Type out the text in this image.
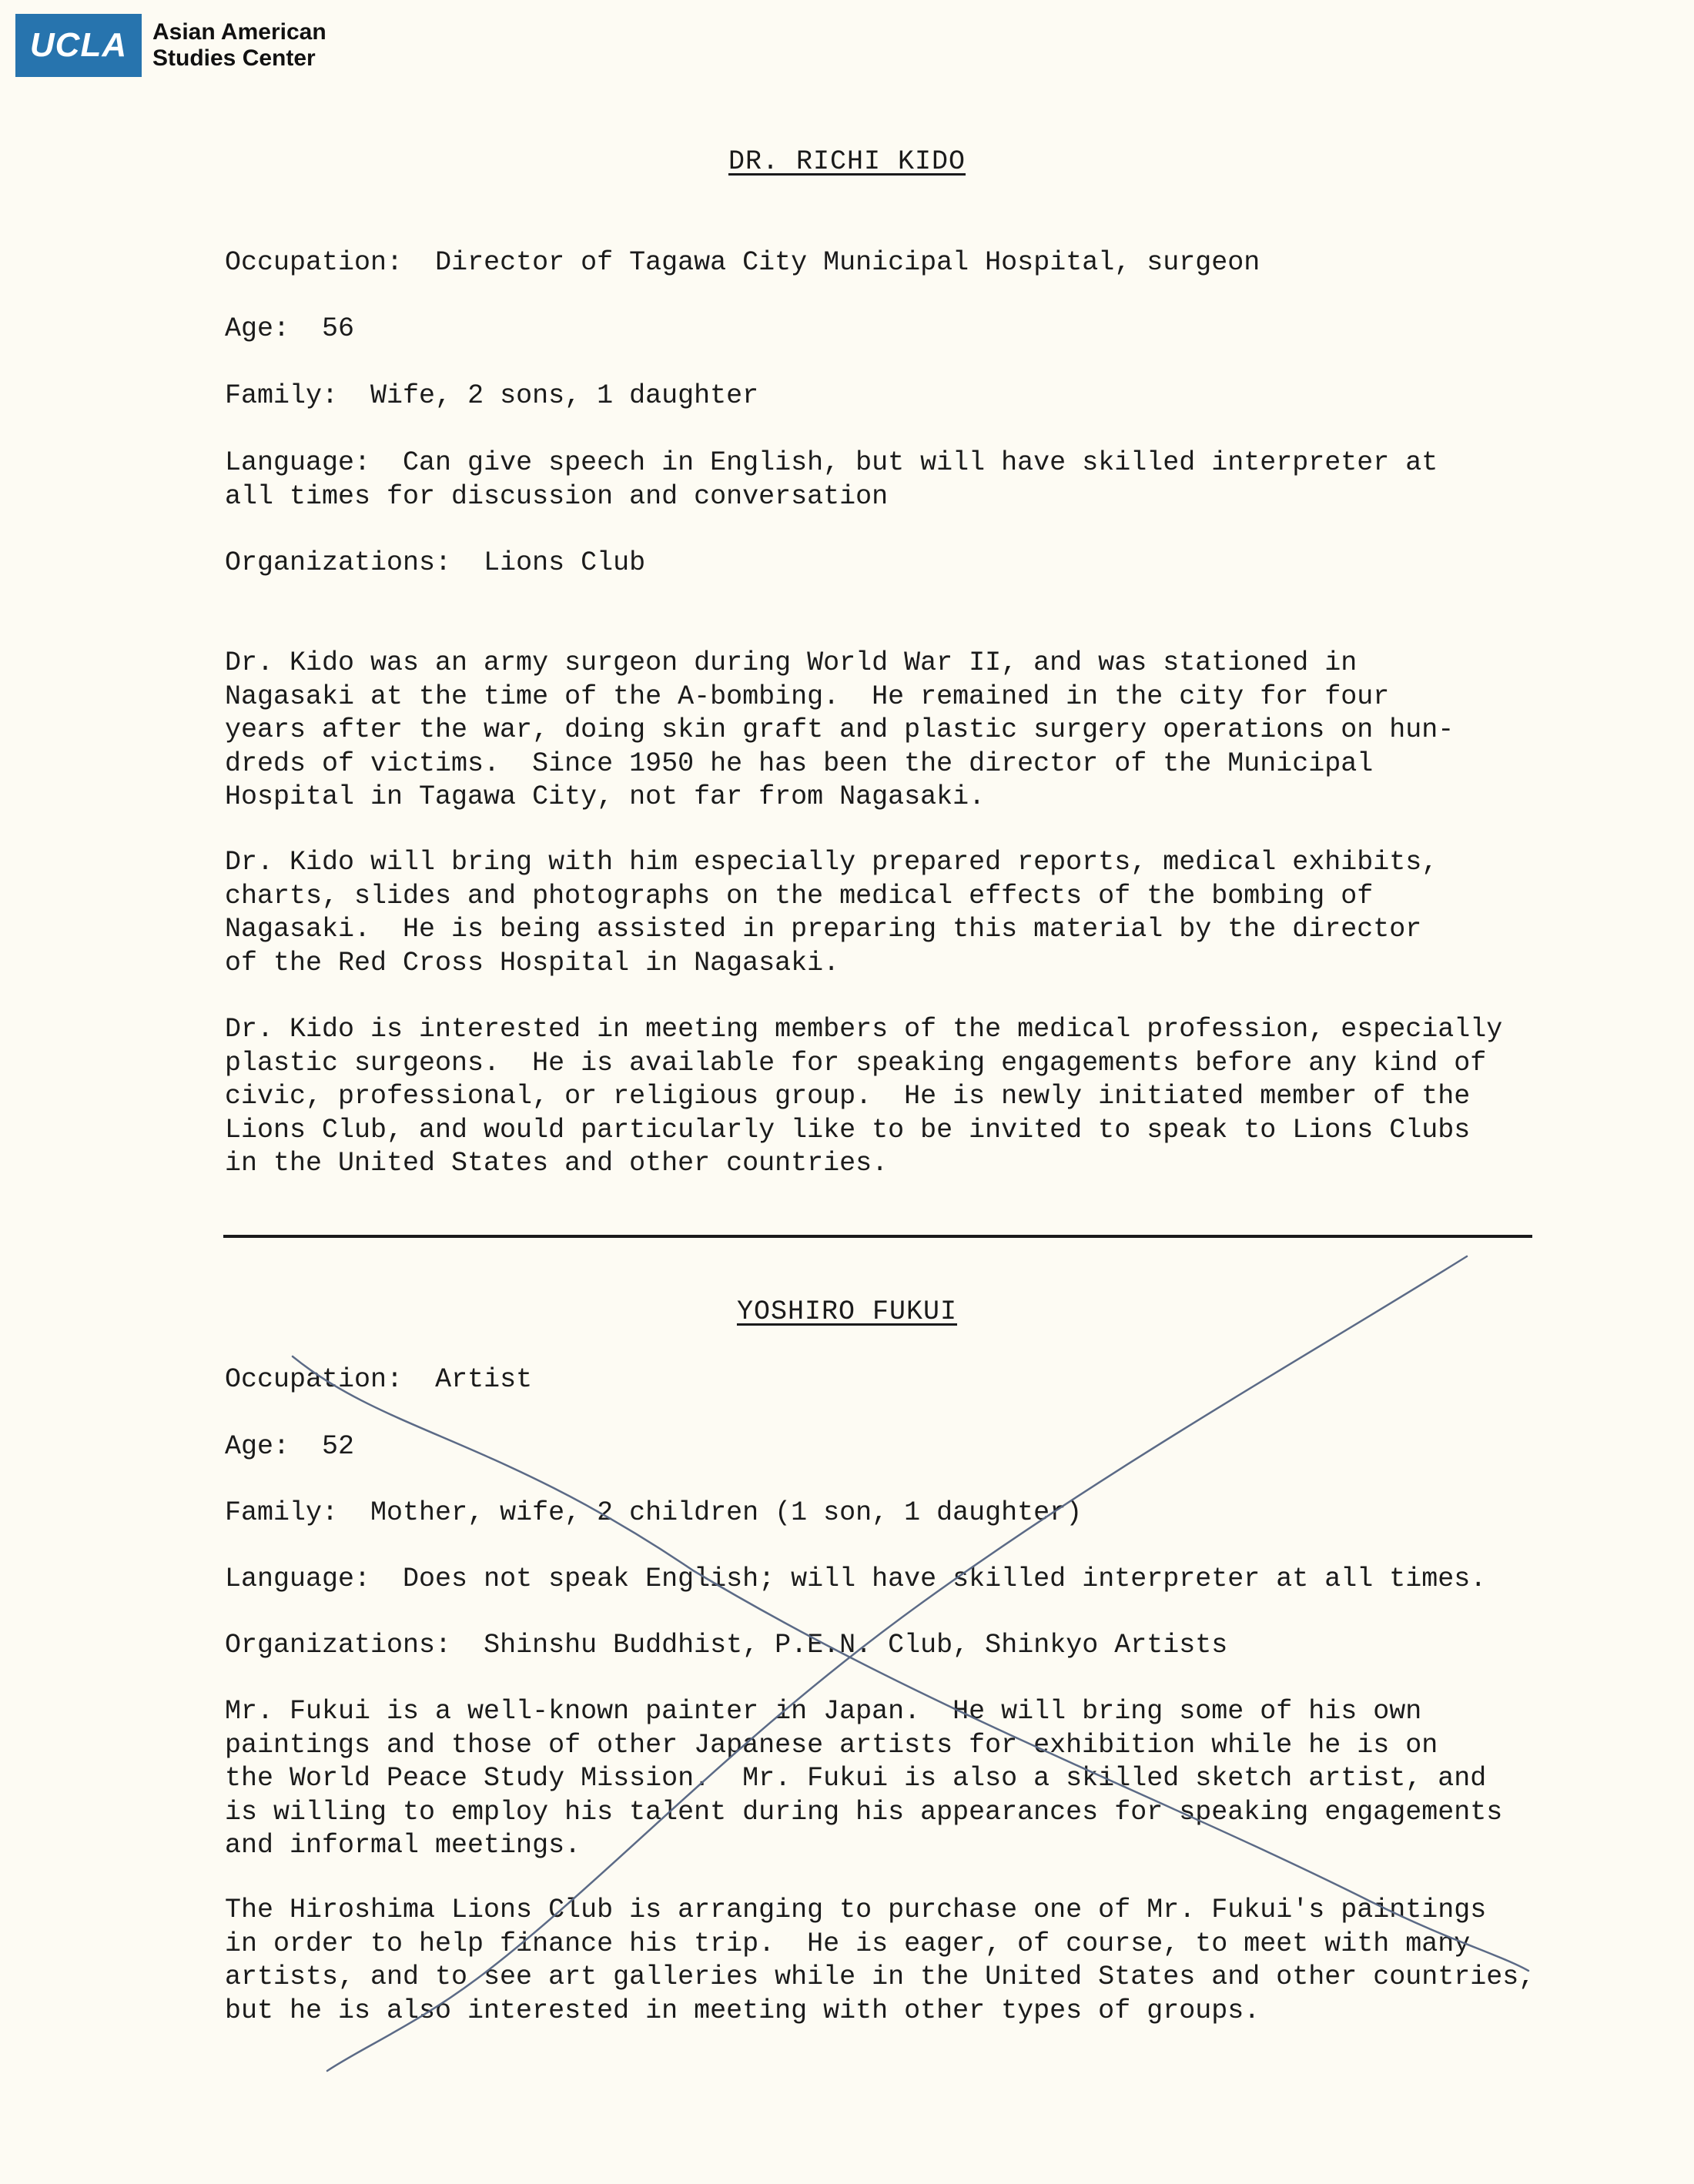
UCLA	Asian American
Studies Center
DR. RICHI KIDO
Occupation: Director of Tagawa City Municipal Hospital, surgeon
Age: 56
Family: Wife, 2 sons, 1 daughter
Language: Can give speech in English, but will have skilled interpreter at
all times for discussion and conversation
Organizations: Lions Club
Dr. Kido was an army surgeon during World War II, and was stationed in
Nagasaki at the time of the A-bombing.  He remained in the city for four
years after the war, doing skin graft and plastic surgery operations on hun-
dreds of victims.  Since 1950 he has been the director of the Municipal
Hospital in Tagawa City, not far from Nagasaki.
Dr. Kido will bring with him especially prepared reports, medical exhibits,
charts, slides and photographs on the medical effects of the bombing of
Nagasaki.  He is being assisted in preparing this material by the director
of the Red Cross Hospital in Nagasaki.
Dr. Kido is interested in meeting members of the medical profession, especially
plastic surgeons.  He is available for speaking engagements before any kind of
civic, professional, or religious group.  He is newly initiated member of the
Lions Club, and would particularly like to be invited to speak to Lions Clubs
in the United States and other countries.
YOSHIRO FUKUI
Occupation: Artist
Age: 52
Family: Mother, wife, 2 children (1 son, 1 daughter)
Language: Does not speak English; will have skilled interpreter at all times.
Organizations: Shinshu Buddhist, P.E.N. Club, Shinkyo Artists
Mr. Fukui is a well-known painter in Japan.  He will bring some of his own
paintings and those of other Japanese artists for exhibition while he is on
the World Peace Study Mission.  Mr. Fukui is also a skilled sketch artist, and
is willing to employ his talent during his appearances for speaking engagements
and informal meetings.
The Hiroshima Lions Club is arranging to purchase one of Mr. Fukui's paintings
in order to help finance his trip.  He is eager, of course, to meet with many
artists, and to see art galleries while in the United States and other countries,
but he is also interested in meeting with other types of groups.
